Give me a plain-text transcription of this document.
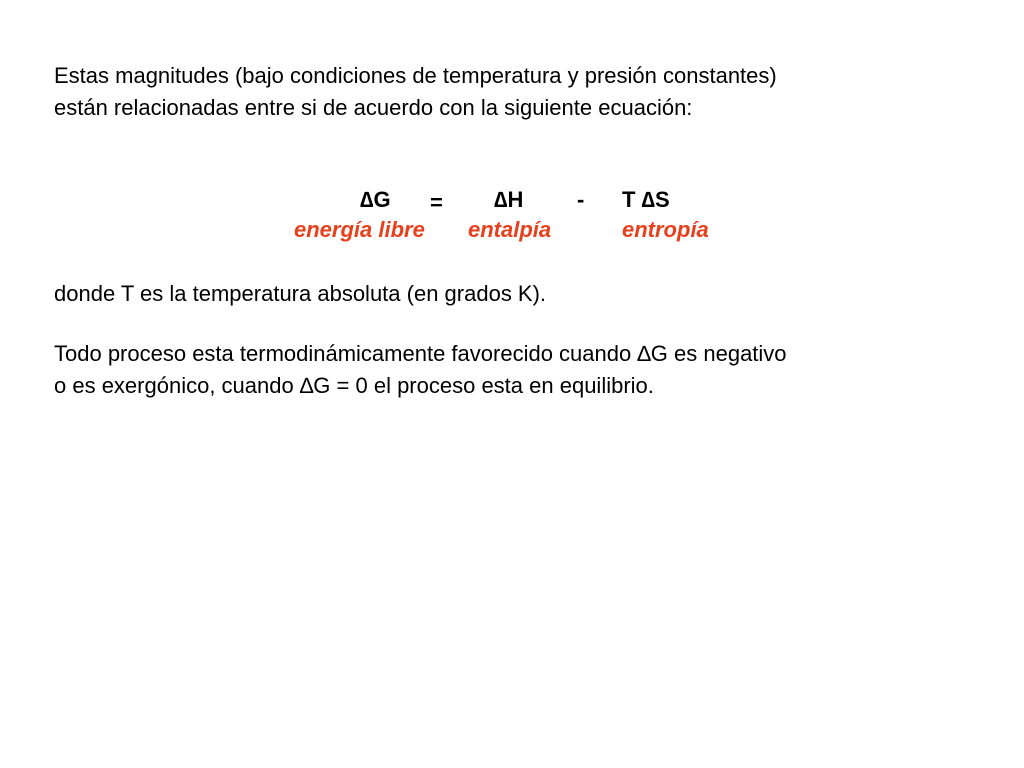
Estas magnitudes (bajo condiciones de temperatura y presión constantes)
están relacionadas entre si de acuerdo con la siguiente ecuación:
∆G = ∆H - T ∆S
energía libre entalpía	entropía
donde T es la temperatura absoluta (en grados K).
Todo proceso esta termodinámicamente favorecido cuando ∆G es negativo
o es exergónico, cuando ∆G = 0 el proceso esta en equilibrio.
